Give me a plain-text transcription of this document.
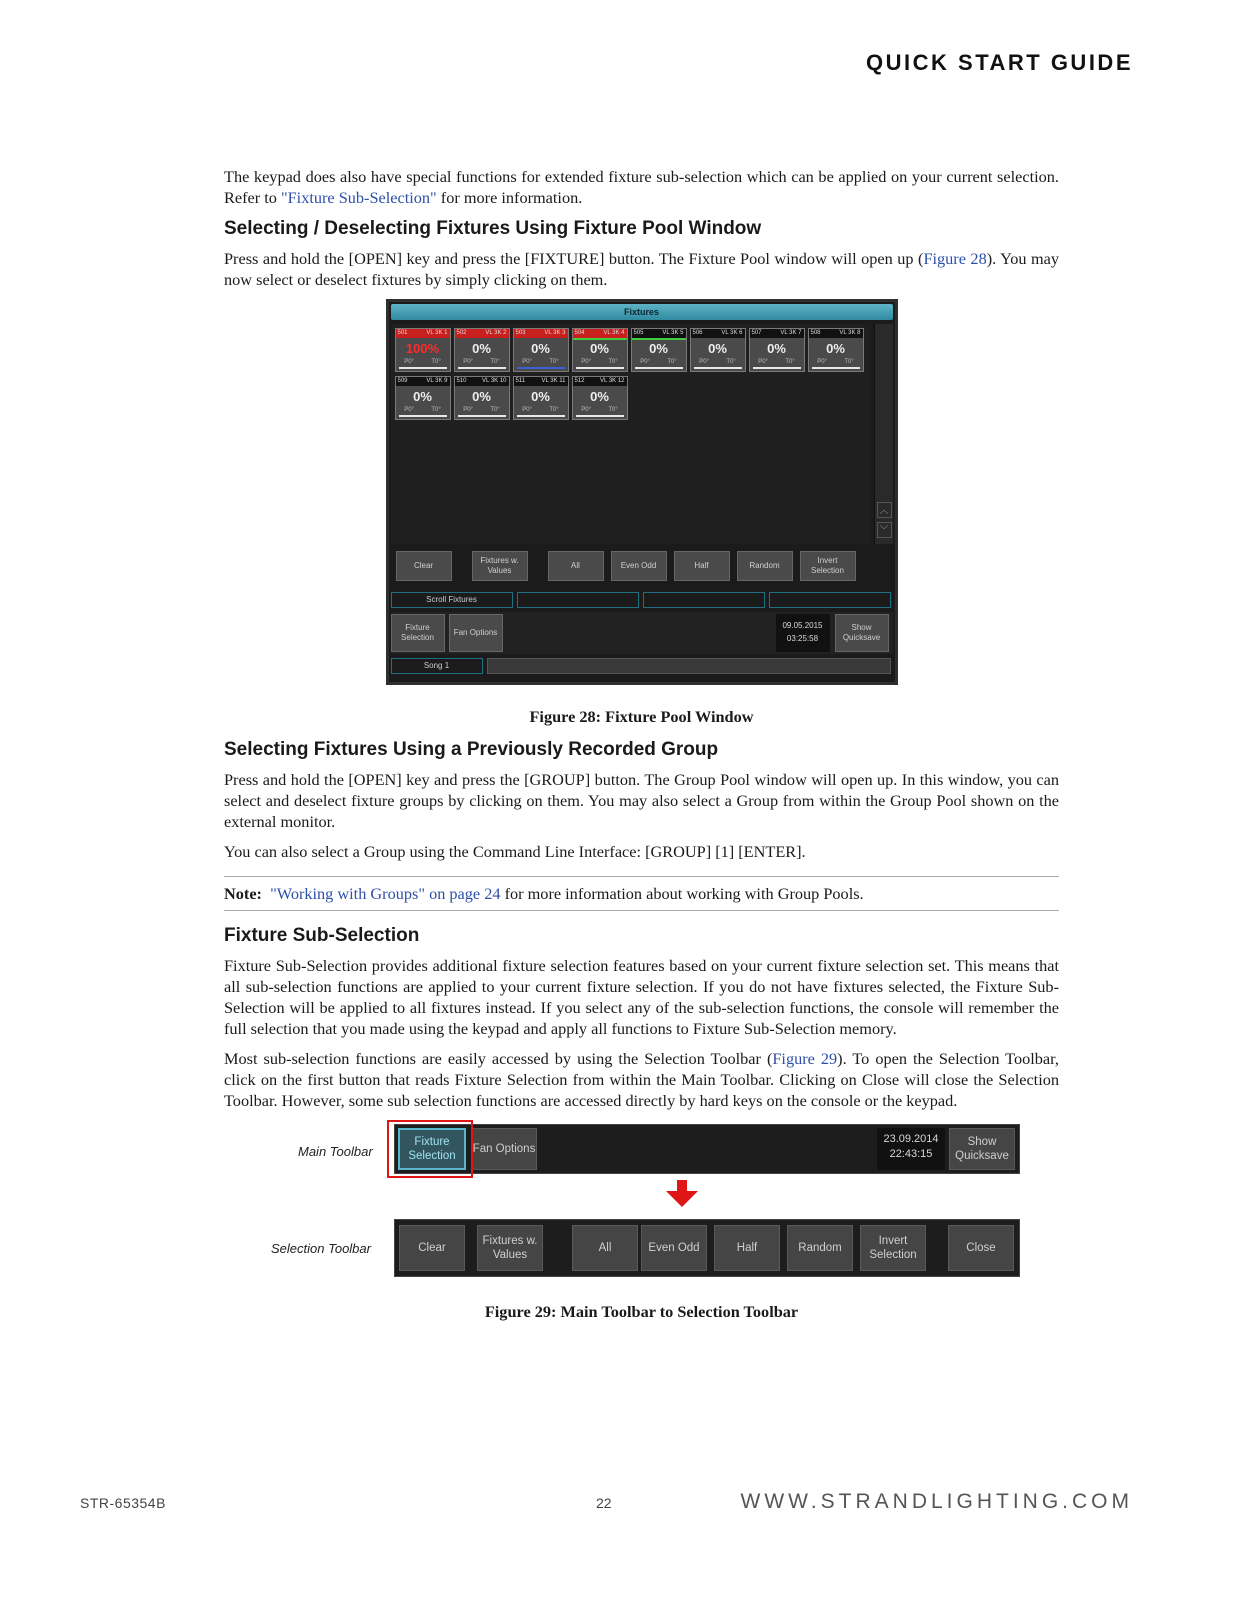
QUICK START GUIDE

The keypad does also have special functions for extended fixture sub-selection which can be applied on your current selection. Refer to "Fixture Sub-Selection" for more information.

Selecting / Deselecting Fixtures Using Fixture Pool Window

Press and hold the [OPEN] key and press the [FIXTURE] button. The Fixture Pool window will open up (Figure 28). You may now select or deselect fixtures by simply clicking on them.

Fixtures
501	VL 3K 1
100%
P0°	T0°
502	VL 3K 2
0%
P0°	T0°
503	VL 3K 3
0%
P0°	T0°
504	VL 3K 4
0%
P0°	T0°
505	VL 3K 5
0%
P0°	T0°
506	VL 3K 6
0%
P0°	T0°
507	VL 3K 7
0%
P0°	T0°
508	VL 3K 8
0%
P0°	T0°
509	VL 3K 9
0%
P0°	T0°
510	VL 3K 10
0%
P0°	T0°
511	VL 3K 11
0%
P0°	T0°
512	VL 3K 12
0%
P0°	T0°
︿
﹀
Clear
Fixtures w. Values
All	Even Odd	Half	Random
Invert Selection
Scroll Fixtures
Fixture Selection
Fan Options
09.05.2015
03:25:58
Show Quicksave
Song 1
Figure 28: Fixture Pool Window
Selecting Fixtures Using a Previously Recorded Group

Press and hold the [OPEN] key and press the [GROUP] button. The Group Pool window will open up. In this window, you can select and deselect fixture groups by clicking on them. You may also select a Group from within the Group Pool shown on the external monitor.

You can also select a Group using the Command Line Interface: [GROUP] [1] [ENTER].

Note: "Working with Groups" on page 24 for more information about working with Group Pools.

Fixture Sub-Selection

Fixture Sub-Selection provides additional fixture selection features based on your current fixture selection set. This means that all sub-selection functions are applied to your current fixture selection. If you do not have fixtures selected, the Fixture Sub-Selection will be applied to all fixtures instead. If you select any of the sub-selection functions, the console will remember the full selection that you made using the keypad and apply all functions to Fixture Sub-Selection memory.

Most sub-selection functions are easily accessed by using the Selection Toolbar (Figure 29). To open the Selection Toolbar, click on the first button that reads Fixture Selection from within the Main Toolbar. Clicking on Close will close the Selection Toolbar. However, some sub selection functions are accessed directly by hard keys on the console or the keypad.

Main Toolbar
Selection Toolbar
Fixture Selection
Fan Options
23.09.2014
22:43:15
Show Quicksave
Clear
Fixtures w. Values
All	Even Odd	Half	Random
Invert Selection
Close
Figure 29: Main Toolbar to Selection Toolbar
STR-65354B	22	WWW.STRANDLIGHTING.COM
